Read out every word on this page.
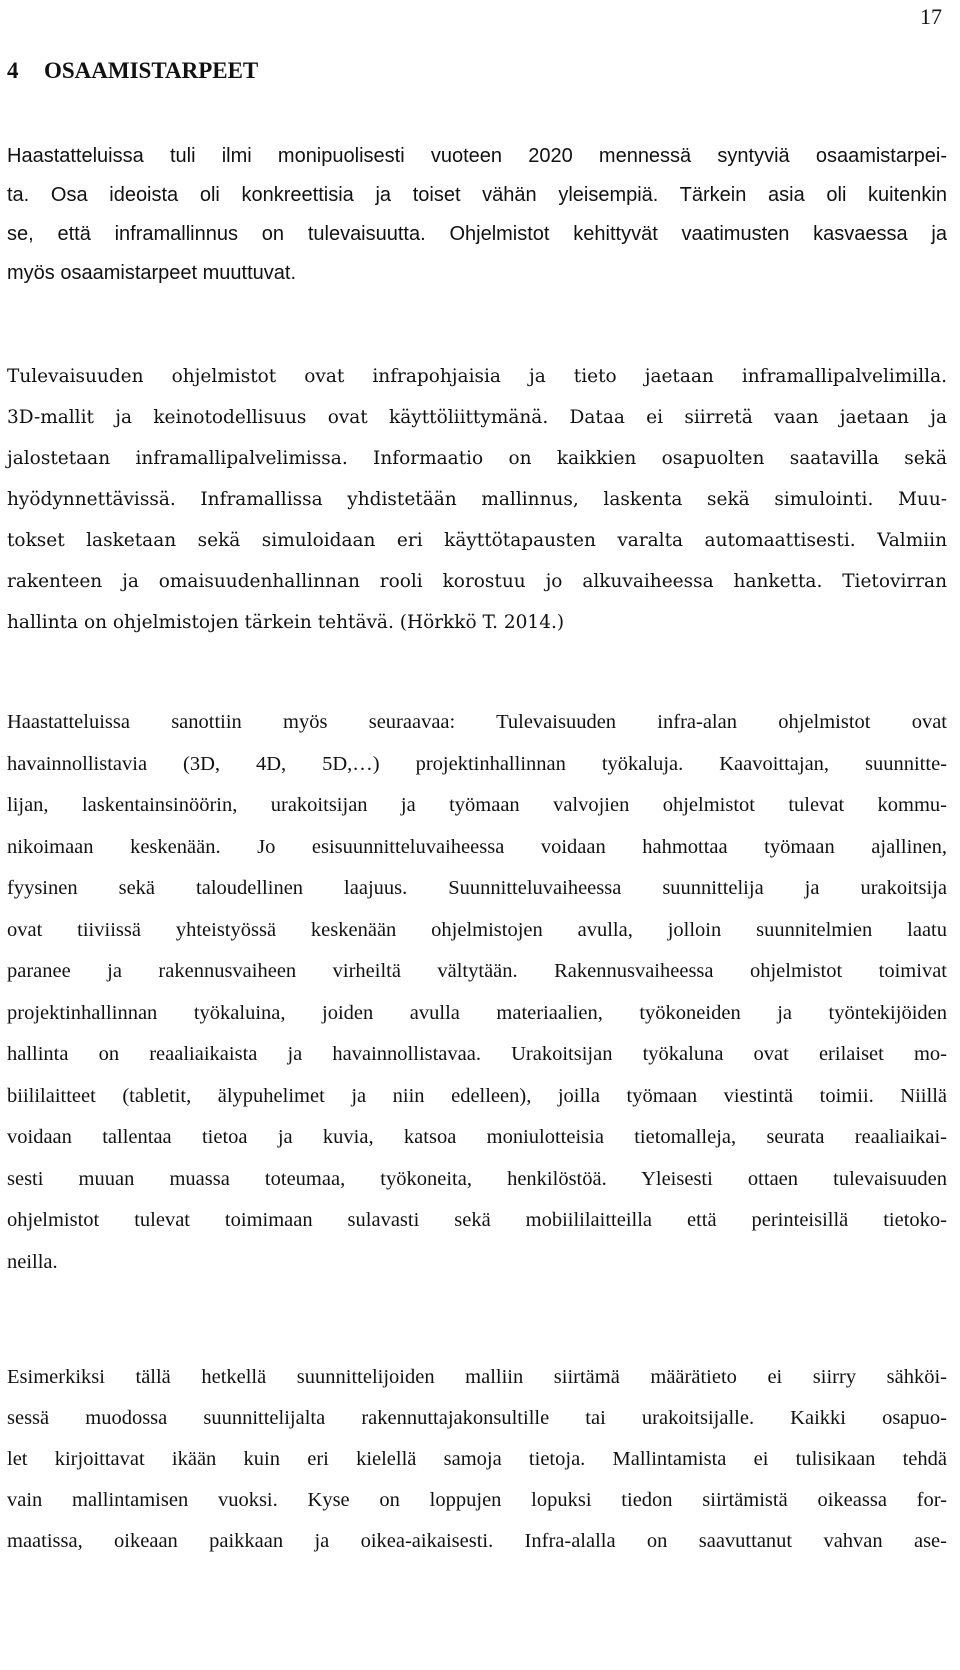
17
4 OSAAMISTARPEET
Haastatteluissa tuli ilmi monipuolisesti vuoteen 2020 mennessä syntyviä osaamistarpei-
ta. Osa ideoista oli konkreettisia ja toiset vähän yleisempiä. Tärkein asia oli kuitenkin
se, että inframallinnus on tulevaisuutta. Ohjelmistot kehittyvät vaatimusten kasvaessa ja
myös osaamistarpeet muuttuvat.
Tulevaisuuden ohjelmistot ovat infrapohjaisia ja tieto jaetaan inframallipalvelimilla.
3D-mallit ja keinotodellisuus ovat käyttöliittymänä. Dataa ei siirretä vaan jaetaan ja
jalostetaan inframallipalvelimissa. Informaatio on kaikkien osapuolten saatavilla sekä
hyödynnettävissä. Inframallissa yhdistetään mallinnus, laskenta sekä simulointi. Muu-
tokset lasketaan sekä simuloidaan eri käyttötapausten varalta automaattisesti. Valmiin
rakenteen ja omaisuudenhallinnan rooli korostuu jo alkuvaiheessa hanketta. Tietovirran
hallinta on ohjelmistojen tärkein tehtävä. (Hörkkö T. 2014.)
Haastatteluissa sanottiin myös seuraavaa: Tulevaisuuden infra-alan ohjelmistot ovat
havainnollistavia (3D, 4D, 5D,…) projektinhallinnan työkaluja. Kaavoittajan, suunnitte-
lijan, laskentainsinöörin, urakoitsijan ja työmaan valvojien ohjelmistot tulevat kommu-
nikoimaan keskenään. Jo esisuunnitteluvaiheessa voidaan hahmottaa työmaan ajallinen,
fyysinen sekä taloudellinen laajuus. Suunnitteluvaiheessa suunnittelija ja urakoitsija
ovat tiiviissä yhteistyössä keskenään ohjelmistojen avulla, jolloin suunnitelmien laatu
paranee ja rakennusvaiheen virheiltä vältytään. Rakennusvaiheessa ohjelmistot toimivat
projektinhallinnan työkaluina, joiden avulla materiaalien, työkoneiden ja työntekijöiden
hallinta on reaaliaikaista ja havainnollistavaa. Urakoitsijan työkaluna ovat erilaiset mo-
biililaitteet (tabletit, älypuhelimet ja niin edelleen), joilla työmaan viestintä toimii. Niillä
voidaan tallentaa tietoa ja kuvia, katsoa moniulotteisia tietomalleja, seurata reaaliaikai-
sesti muuan muassa toteumaa, työkoneita, henkilöstöä. Yleisesti ottaen tulevaisuuden
ohjelmistot tulevat toimimaan sulavasti sekä mobiililaitteilla että perinteisillä tietoko-
neilla.
Esimerkiksi tällä hetkellä suunnittelijoiden malliin siirtämä määrätieto ei siirry sähköi-
sessä muodossa suunnittelijalta rakennuttajakonsultille tai urakoitsijalle. Kaikki osapuo-
let kirjoittavat ikään kuin eri kielellä samoja tietoja. Mallintamista ei tulisikaan tehdä
vain mallintamisen vuoksi. Kyse on loppujen lopuksi tiedon siirtämistä oikeassa for-
maatissa, oikeaan paikkaan ja oikea-aikaisesti. Infra-alalla on saavuttanut vahvan ase-
